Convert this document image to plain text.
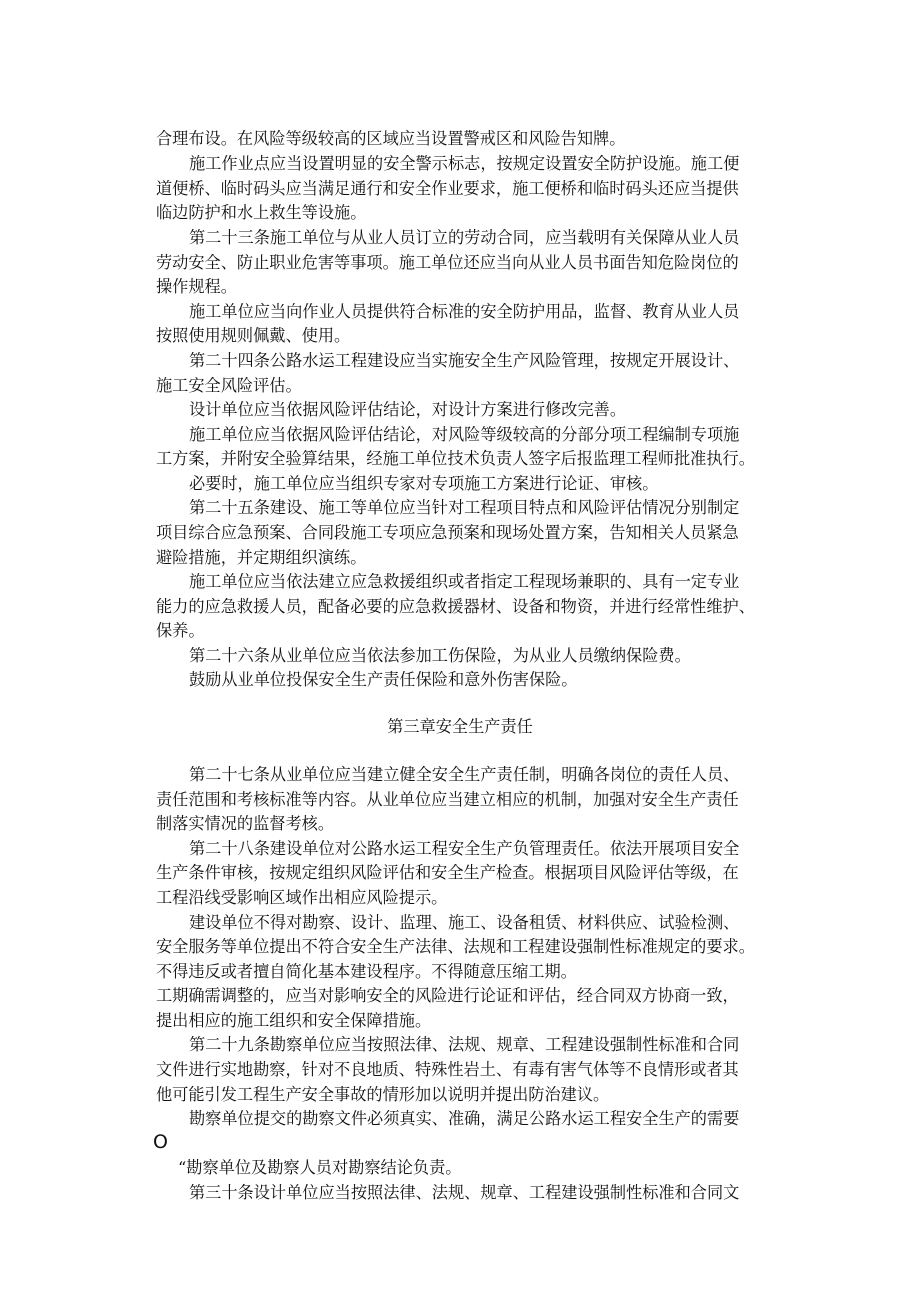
合理布设。在风险等级较高的区域应当设置警戒区和风险告知牌。
施工作业点应当设置明显的安全警示标志，按规定设置安全防护设施。施工便
道便桥、临时码头应当满足通行和安全作业要求，施工便桥和临时码头还应当提供
临边防护和水上救生等设施。
第二十三条施工单位与从业人员订立的劳动合同，应当载明有关保障从业人员
劳动安全、防止职业危害等事项。施工单位还应当向从业人员书面告知危险岗位的
操作规程。
施工单位应当向作业人员提供符合标准的安全防护用品，监督、教育从业人员
按照使用规则佩戴、使用。
第二十四条公路水运工程建设应当实施安全生产风险管理，按规定开展设计、
施工安全风险评估。
设计单位应当依据风险评估结论，对设计方案进行修改完善。
施工单位应当依据风险评估结论，对风险等级较高的分部分项工程编制专项施
工方案，并附安全验算结果，经施工单位技术负责人签字后报监理工程师批准执行。
必要时，施工单位应当组织专家对专项施工方案进行论证、审核。
第二十五条建设、施工等单位应当针对工程项目特点和风险评估情况分别制定
项目综合应急预案、合同段施工专项应急预案和现场处置方案，告知相关人员紧急
避险措施，并定期组织演练。
施工单位应当依法建立应急救援组织或者指定工程现场兼职的、具有一定专业
能力的应急救援人员，配备必要的应急救援器材、设备和物资，并进行经常性维护、
保养。
第二十六条从业单位应当依法参加工伤保险，为从业人员缴纳保险费。
鼓励从业单位投保安全生产责任保险和意外伤害保险。
第三章安全生产责任
第二十七条从业单位应当建立健全安全生产责任制，明确各岗位的责任人员、
责任范围和考核标准等内容。从业单位应当建立相应的机制，加强对安全生产责任
制落实情况的监督考核。
第二十八条建设单位对公路水运工程安全生产负管理责任。依法开展项目安全
生产条件审核，按规定组织风险评估和安全生产检查。根据项目风险评估等级，在
工程沿线受影响区域作出相应风险提示。
建设单位不得对勘察、设计、监理、施工、设备租赁、材料供应、试验检测、
安全服务等单位提出不符合安全生产法律、法规和工程建设强制性标准规定的要求。
不得违反或者擅自简化基本建设程序。不得随意压缩工期。
工期确需调整的，应当对影响安全的风险进行论证和评估，经合同双方协商一致，
提出相应的施工组织和安全保障措施。
第二十九条勘察单位应当按照法律、法规、规章、工程建设强制性标准和合同
文件进行实地勘察，针对不良地质、特殊性岩土、有毒有害气体等不良情形或者其
他可能引发工程生产安全事故的情形加以说明并提出防治建议。
勘察单位提交的勘察文件必须真实、准确，满足公路水运工程安全生产的需要
O
“勘察单位及勘察人员对勘察结论负责。
第三十条设计单位应当按照法律、法规、规章、工程建设强制性标准和合同文
